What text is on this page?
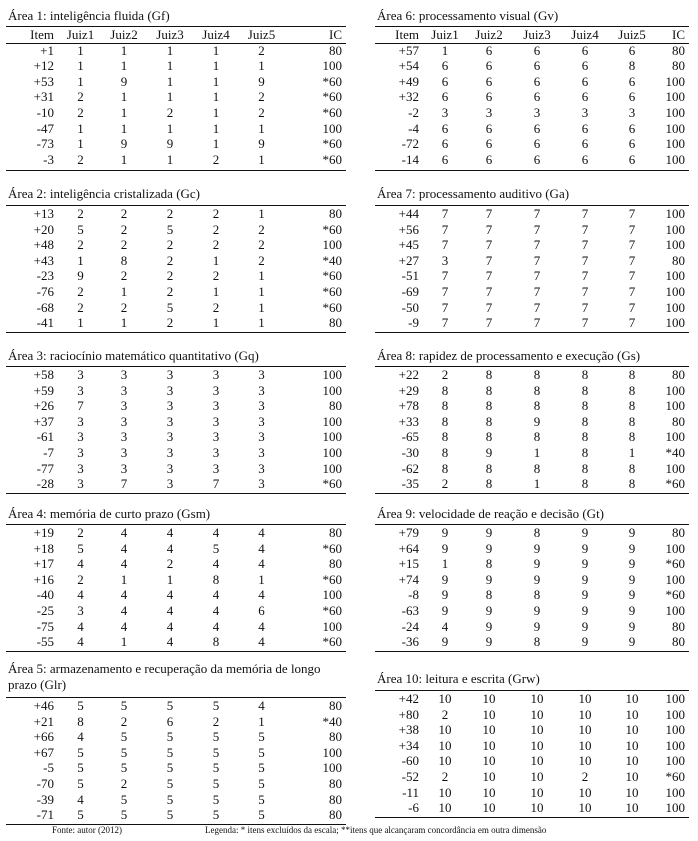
Área 1: inteligência fluida (Gf)
Item	Juiz1	Juiz2	Juiz3	Juiz4	Juiz5	IC
+1	1	1	1	1	2	80
+12	1	1	1	1	1	100
+53	1	9	1	1	9	*60
+31	2	1	1	1	2	*60
-10	2	1	2	1	2	*60
-47	1	1	1	1	1	100
-73	1	9	9	1	9	*60
-3	2	1	1	2	1	*60
Área 2: inteligência cristalizada (Gc)
+13	2	2	2	2	1	80
+20	5	2	5	2	2	*60
+48	2	2	2	2	2	100
+43	1	8	2	1	2	*40
-23	9	2	2	2	1	*60
-76	2	1	2	1	1	*60
-68	2	2	5	2	1	*60
-41	1	1	2	1	1	80
Área 3: raciocínio matemático quantitativo (Gq)
+58	3	3	3	3	3	100
+59	3	3	3	3	3	100
+26	7	3	3	3	3	80
+37	3	3	3	3	3	100
-61	3	3	3	3	3	100
-7	3	3	3	3	3	100
-77	3	3	3	3	3	100
-28	3	7	3	7	3	*60
Área 4: memória de curto prazo (Gsm)
+19	2	4	4	4	4	80
+18	5	4	4	5	4	*60
+17	4	4	2	4	4	80
+16	2	1	1	8	1	*60
-40	4	4	4	4	4	100
-25	3	4	4	4	6	*60
-75	4	4	4	4	4	100
-55	4	1	4	8	4	*60
Área 5: armazenamento e recuperação da memória de longo prazo (Glr)
+46	5	5	5	5	4	80
+21	8	2	6	2	1	*40
+66	4	5	5	5	5	80
+67	5	5	5	5	5	100
-5	5	5	5	5	5	100
-70	5	2	5	5	5	80
-39	4	5	5	5	5	80
-71	5	5	5	5	5	80
Área 6: processamento visual (Gv)
Item	Juiz1	Juiz2	Juiz3	Juiz4	Juiz5	IC
+57	1	6	6	6	6	80
+54	6	6	6	6	8	80
+49	6	6	6	6	6	100
+32	6	6	6	6	6	100
-2	3	3	3	3	3	100
-4	6	6	6	6	6	100
-72	6	6	6	6	6	100
-14	6	6	6	6	6	100
Área 7: processamento auditivo (Ga)
+44	7	7	7	7	7	100
+56	7	7	7	7	7	100
+45	7	7	7	7	7	100
+27	3	7	7	7	7	80
-51	7	7	7	7	7	100
-69	7	7	7	7	7	100
-50	7	7	7	7	7	100
-9	7	7	7	7	7	100
Área 8: rapidez de processamento e execução (Gs)
+22	2	8	8	8	8	80
+29	8	8	8	8	8	100
+78	8	8	8	8	8	100
+33	8	8	9	8	8	80
-65	8	8	8	8	8	100
-30	8	9	1	8	1	*40
-62	8	8	8	8	8	100
-35	2	8	1	8	8	*60
Área 9: velocidade de reação e decisão (Gt)
+79	9	9	8	9	9	80
+64	9	9	9	9	9	100
+15	1	8	9	9	9	*60
+74	9	9	9	9	9	100
-8	9	8	8	9	9	*60
-63	9	9	9	9	9	100
-24	4	9	9	9	9	80
-36	9	9	8	9	9	80
Área 10: leitura e escrita (Grw)
+42	10	10	10	10	10	100
+80	2	10	10	10	10	100
+38	10	10	10	10	10	100
+34	10	10	10	10	10	100
-60	10	10	10	10	10	100
-52	2	10	10	2	10	*60
-11	10	10	10	10	10	100
-6	10	10	10	10	10	100
Fonte: autor (2012)	Legenda: * itens excluídos da escala; **itens que alcançaram concordância em outra dimensão
